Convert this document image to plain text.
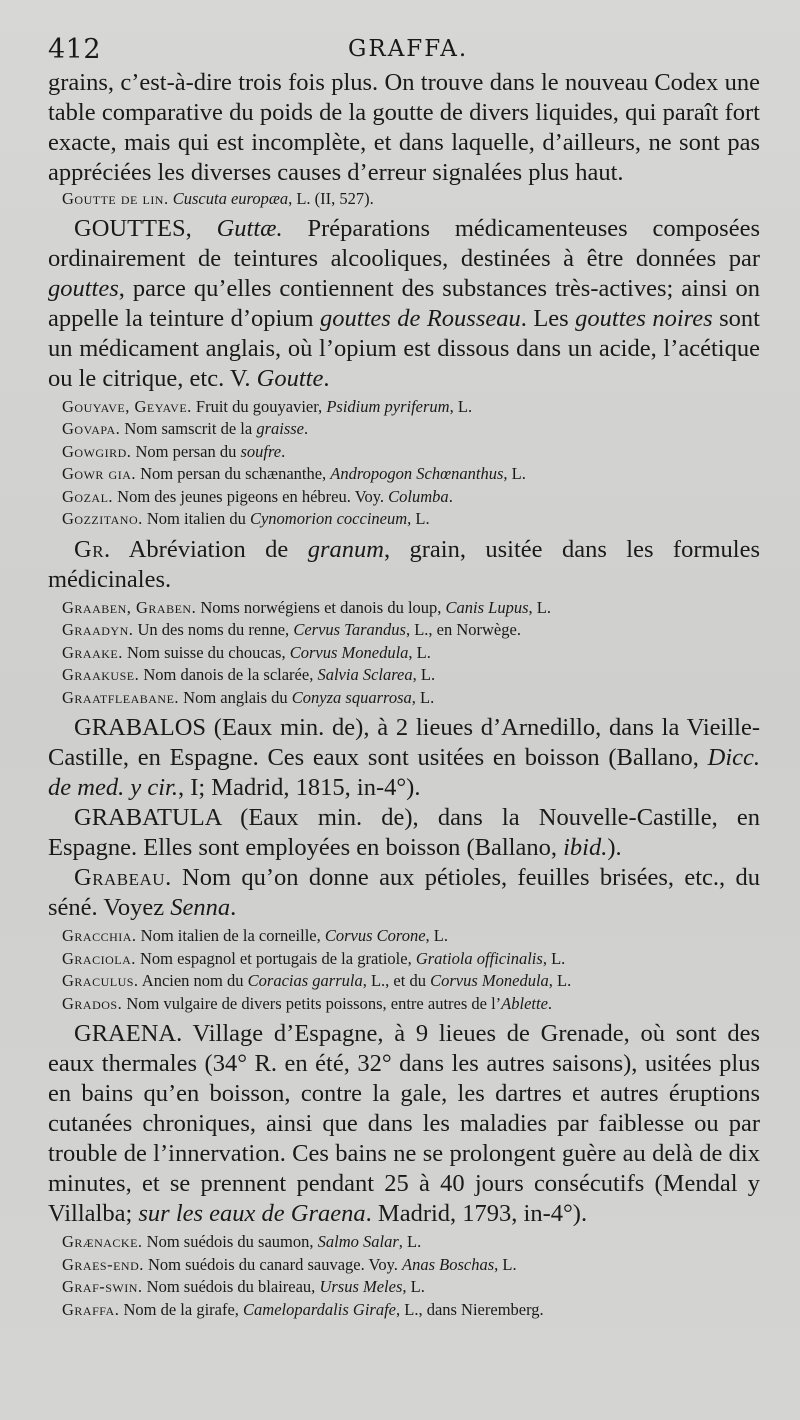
412	GRAFFA.

grains, c’est-à-dire trois fois plus. On trouve dans le nouveau Codex une table comparative du poids de la goutte de divers liquides, qui paraît fort exacte, mais qui est incomplète, et dans laquelle, d’ailleurs, ne sont pas appréciées les diverses causes d’erreur signalées plus haut.

Goutte de lin. Cuscuta europæa, L. (II, 527).

GOUTTES, Guttæ. Préparations médicamenteuses composées ordinairement de teintures alcooliques, destinées à être données par gouttes, parce qu’elles contiennent des substances très-actives; ainsi on appelle la teinture d’opium gouttes de Rousseau. Les gouttes noires sont un médicament anglais, où l’opium est dissous dans un acide, l’acétique ou le citrique, etc. V. Goutte.

Gouyave, Geyave. Fruit du gouyavier, Psidium pyriferum, L.

Govapa. Nom samscrit de la graisse.

Gowgird. Nom persan du soufre.

Gowr gia. Nom persan du schænanthe, Andropogon Schœnanthus, L.

Gozal. Nom des jeunes pigeons en hébreu. Voy. Columba.

Gozzitano. Nom italien du Cynomorion coccineum, L.

Gr. Abréviation de granum, grain, usitée dans les formules médicinales.

Graaben, Graben. Noms norwégiens et danois du loup, Canis Lupus, L.

Graadyn. Un des noms du renne, Cervus Tarandus, L., en Norwège.

Graake. Nom suisse du choucas, Corvus Monedula, L.

Graakuse. Nom danois de la sclarée, Salvia Sclarea, L.

Graatfleabane. Nom anglais du Conyza squarrosa, L.

GRABALOS (Eaux min. de), à 2 lieues d’Arnedillo, dans la Vieille-Castille, en Espagne. Ces eaux sont usitées en boisson (Ballano, Dicc. de med. y cir., I; Madrid, 1815, in-4°).

GRABATULA (Eaux min. de), dans la Nouvelle-Castille, en Espagne. Elles sont employées en boisson (Ballano, ibid.).

Grabeau. Nom qu’on donne aux pétioles, feuilles brisées, etc., du séné. Voyez Senna.

Gracchia. Nom italien de la corneille, Corvus Corone, L.

Graciola. Nom espagnol et portugais de la gratiole, Gratiola officinalis, L.

Graculus. Ancien nom du Coracias garrula, L., et du Corvus Monedula, L.

Grados. Nom vulgaire de divers petits poissons, entre autres de l’Ablette.

GRAENA. Village d’Espagne, à 9 lieues de Grenade, où sont des eaux thermales (34° R. en été, 32° dans les autres saisons), usitées plus en bains qu’en boisson, contre la gale, les dartres et autres éruptions cutanées chroniques, ainsi que dans les maladies par faiblesse ou par trouble de l’innervation. Ces bains ne se prolongent guère au delà de dix minutes, et se prennent pendant 25 à 40 jours consécutifs (Mendal y Villalba; sur les eaux de Graena. Madrid, 1793, in-4°).

Grænacke. Nom suédois du saumon, Salmo Salar, L.

Graes-end. Nom suédois du canard sauvage. Voy. Anas Boschas, L.

Graf-swin. Nom suédois du blaireau, Ursus Meles, L.

Graffa. Nom de la girafe, Camelopardalis Girafe, L., dans Nieremberg.
